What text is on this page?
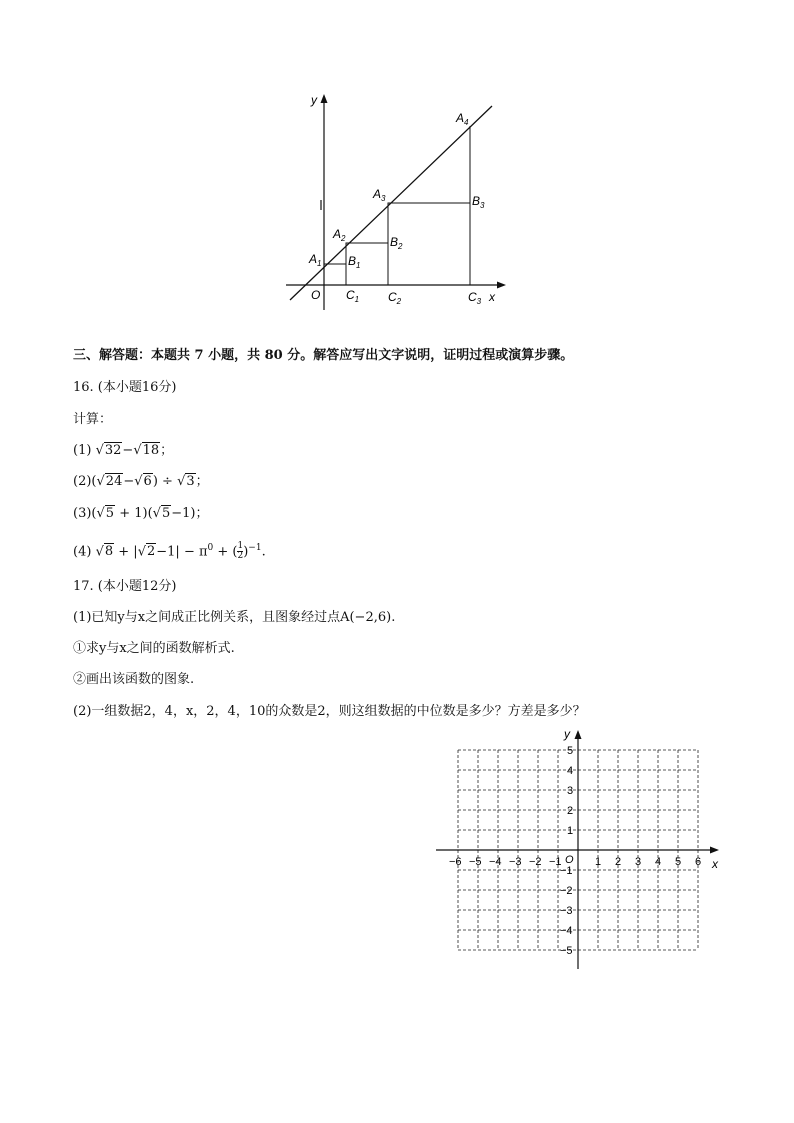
y
x
O
$A_1$
$A_2$
$A_3$
$A_4$
$B_1$
$B_2$
$B_3$
$C_1$ $C_2$	$C_3$
三、解答题：本题共 7 小题，共 80 分。解答应写出文字说明，证明过程或演算步骤。
16. (本小题16分)
计算：
(1) √32−√18；
(2)(√24−√6) ÷ √3；
(3)(√5 + 1)(√5−1)；
(4) $√8 + |√2-1| - \pi^0$ + ( $\frac{1}{2} )^{-1}$.
17. (本小题12分)
(1)已知y与x之间成正比例关系，且图象经过点A(−2,6).
①求y与x之间的函数解析式.
②画出该函数的图象.
(2)一组数据2，4，x，2，4，10的众数是2，则这组数据的中位数是多少？方差是多少？
x
y
O
−6 −5 −4 −3 −2 −1	1 2 3 4 5 6
5
4
3
2
1
−1
−2
−3
−4
−5
